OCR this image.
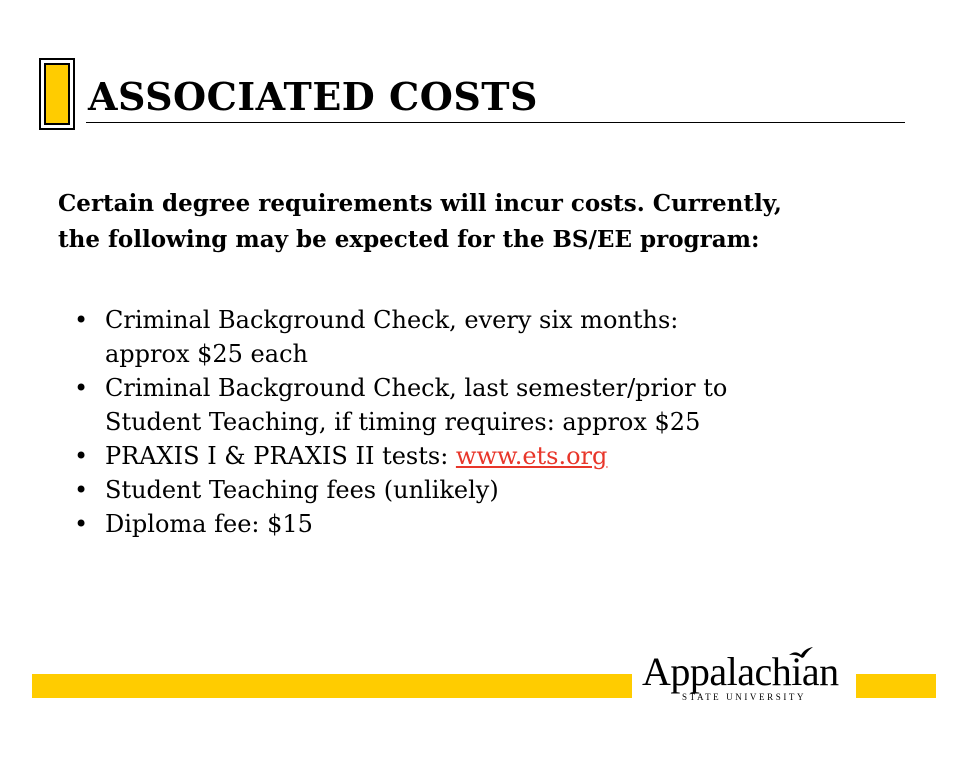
ASSOCIATED COSTS

Certain degree requirements will incur costs. Currently,
the following may be expected for the BS/EE program:

• Criminal Background Check, every six months:
approx $25 each
• Criminal Background Check, last semester/prior to
Student Teaching, if timing requires: approx $25
• PRAXIS I & PRAXIS II tests: www.ets.org
• Student Teaching fees (unlikely)
• Diploma fee: $15
Appalachian
STATE UNIVERSITY
